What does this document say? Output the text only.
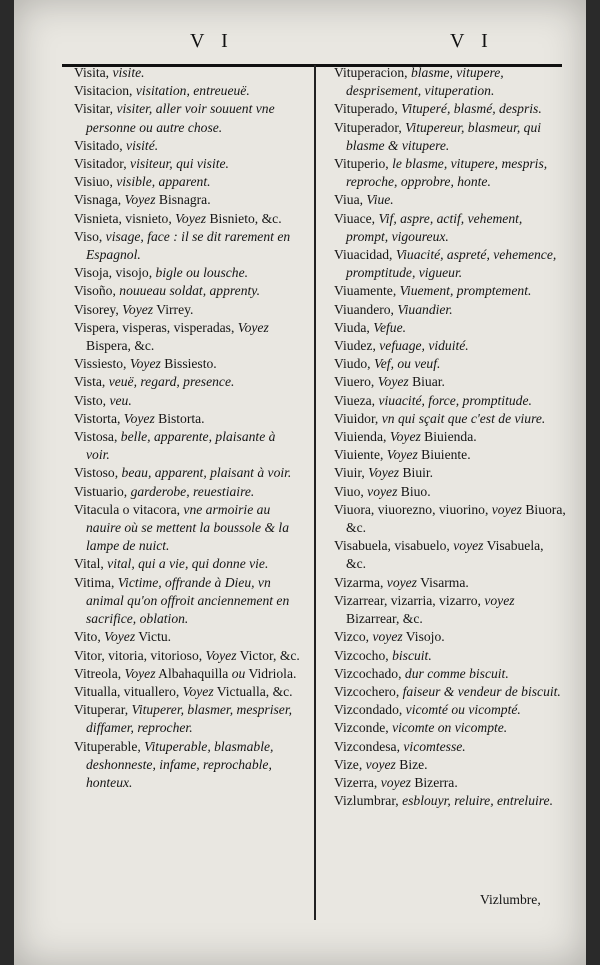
V I	V I

Visita, visite.

Visitacion, visitation, entreueuë.

Visitar, visiter, aller voir souuent vne personne ou autre chose.

Visitado, visité.

Visitador, visiteur, qui visite.

Visiuo, visible, apparent.

Visnaga, Voyez Bisnagra.

Visnieta, visnieto, Voyez Bisnieto, &c.

Viso, visage, face : il se dit rarement en Espagnol.

Visoja, visojo, bigle ou lousche.

Visoño, nouueau soldat, apprenty.

Visorey, Voyez Virrey.

Vispera, visperas, visperadas, Voyez Bispera, &c.

Vissiesto, Voyez Bissiesto.

Vista, veuë, regard, presence.

Visto, veu.

Vistorta, Voyez Bistorta.

Vistosa, belle, apparente, plaisante à voir.

Vistoso, beau, apparent, plaisant à voir.

Vistuario, garderobe, reuestiaire.

Vitacula o vitacora, vne armoirie au nauire où se mettent la boussole & la lampe de nuict.

Vital, vital, qui a vie, qui donne vie.

Vitima, Victime, offrande à Dieu, vn animal qu'on offroit anciennement en sacrifice, oblation.

Vito, Voyez Victu.

Vitor, vitoria, vitorioso, Voyez Victor, &c.

Vitreola, Voyez Albahaquilla ou Vidriola.

Vitualla, vituallero, Voyez Victualla, &c.

Vituperar, Vituperer, blasmer, mespriser, diffamer, reprocher.

Vituperable, Vituperable, blasmable, deshonneste, infame, reprochable, honteux.

Vituperacion, blasme, vitupere, desprisement, vituperation.

Vituperado, Vituperé, blasmé, despris.

Vituperador, Vitupereur, blasmeur, qui blasme & vitupere.

Vituperio, le blasme, vitupere, mespris, reproche, opprobre, honte.

Viua, Viue.

Viuace, Vif, aspre, actif, vehement, prompt, vigoureux.

Viuacidad, Viuacité, aspreté, vehemence, promptitude, vigueur.

Viuamente, Viuement, promptement.

Viuandero, Viuandier.

Viuda, Vefue.

Viudez, vefuage, viduité.

Viudo, Vef, ou veuf.

Viuero, Voyez Biuar.

Viueza, viuacité, force, promptitude.

Viuidor, vn qui sçait que c'est de viure.

Viuienda, Voyez Biuienda.

Viuiente, Voyez Biuiente.

Viuir, Voyez Biuir.

Viuo, voyez Biuo.

Viuora, viuorezno, viuorino, voyez Biuora, &c.

Visabuela, visabuelo, voyez Visabuela, &c.

Vizarma, voyez Visarma.

Vizarrear, vizarria, vizarro, voyez Bizarrear, &c.

Vizco, voyez Visojo.

Vizcocho, biscuit.

Vizcochado, dur comme biscuit.

Vizcochero, faiseur & vendeur de biscuit.

Vizcondado, vicomté ou vicompté.

Vizconde, vicomte on vicompte.

Vizcondesa, vicomtesse.

Vize, voyez Bize.

Vizerra, voyez Bizerra.

Vizlumbrar, esblouyr, reluire, entreluire.

Vizlumbre,
